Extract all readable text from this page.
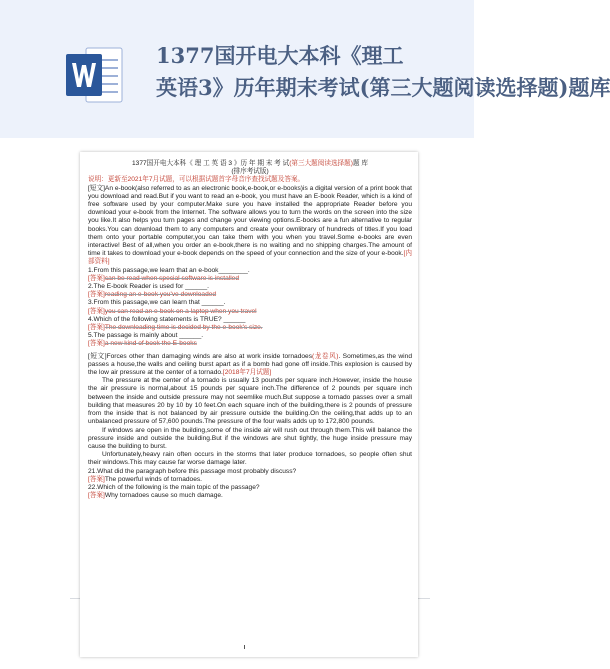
1377国开电大本科《理工
英语3》历年期末考试(第三大题阅读选择题)题库

1377国开电大本科《 理 工 英 语 3 》历 年 期 末 考 试(第三大题阅读选择题)题 库

(排序考试版)

说明：更新至2021年7月试题，可以根据试题首字母音序查找试题及答案。

[短文]An e-book(also referred to as an electronic book,e-book,or e-books)is a digital version of a print book that you download and read.But if you want to read an e-book, you must have an E-book Reader, which is a kind of free software used by your computer.Make sure you have installed the appropriate Reader before you download your e-book from the Internet. The software allows you to turn the words on the screen into the size you like.It also helps you turn pages and change your viewing options.E-books are a fun alternative to regular books.You can download them to any computers and create your ownlibrary of hundreds of titles.If you load them onto your portable computer,you can take them with you when you travel.Some e-books are even interactive! Best of all,when you order an e-book,there is no waiting and no shipping charges.The amount of time it takes to download your e-book depends on the speed of your connection and the size of your e-book.[内部资料]

1.From this passage,we learn that an e-book________.

[答案]can be read when special software is installed

2.The E-book Reader is used for ______.

[答案]reading an e-book you've downloaded

3.From this passage,we can learn that ______.

[答案]you can read an e-book on a laptop when you travel

4.Which of the following statements is TRUE? ______

[答案]The downloading time is decided by the e-book's size.

5.The passage is mainly about ______.

[答案]a new kind of book the E-books

[短文]Forces other than damaging winds are also at work inside tornadoes(龙卷风). Sometimes,as the wind passes a house,the walls and ceiling burst apart as if a bomb had gone off inside.This explosion is caused by the low air pressure at the center of a tornado.[2018年7月试题]

The pressure at the center of a tornado is usually 13 pounds per square inch.However, inside the house the air pressure is normal,about 15 pounds per square inch.The difference of 2 pounds per square inch between the inside and outside pressure may not seemlike much.But suppose a tornado passes over a small building that measures 20 by 10 by 10 feet.On each square inch of the building,there is 2 pounds of pressure from the inside that is not balanced by air pressure outside the building.On the ceiling,that adds up to an unbalanced pressure of 57,600 pounds.The pressure of the four walls adds up to 172,800 pounds.

If windows are open in the building,some of the inside air will rush out through them.This will balance the pressure inside and outside the building.But if the windows are shut tightly, the huge inside pressure may cause the building to burst.

Unfortunately,heavy rain often occurs in the storms that later produce tornadoes, so people often shut their windows.This may cause far worse damage later.

21.What did the paragraph before this passage most probably discuss?

[答案]The powerful winds of tornadoes.

22.Which of the following is the main topic of the passage?

[答案]Why tornadoes cause so much damage.
